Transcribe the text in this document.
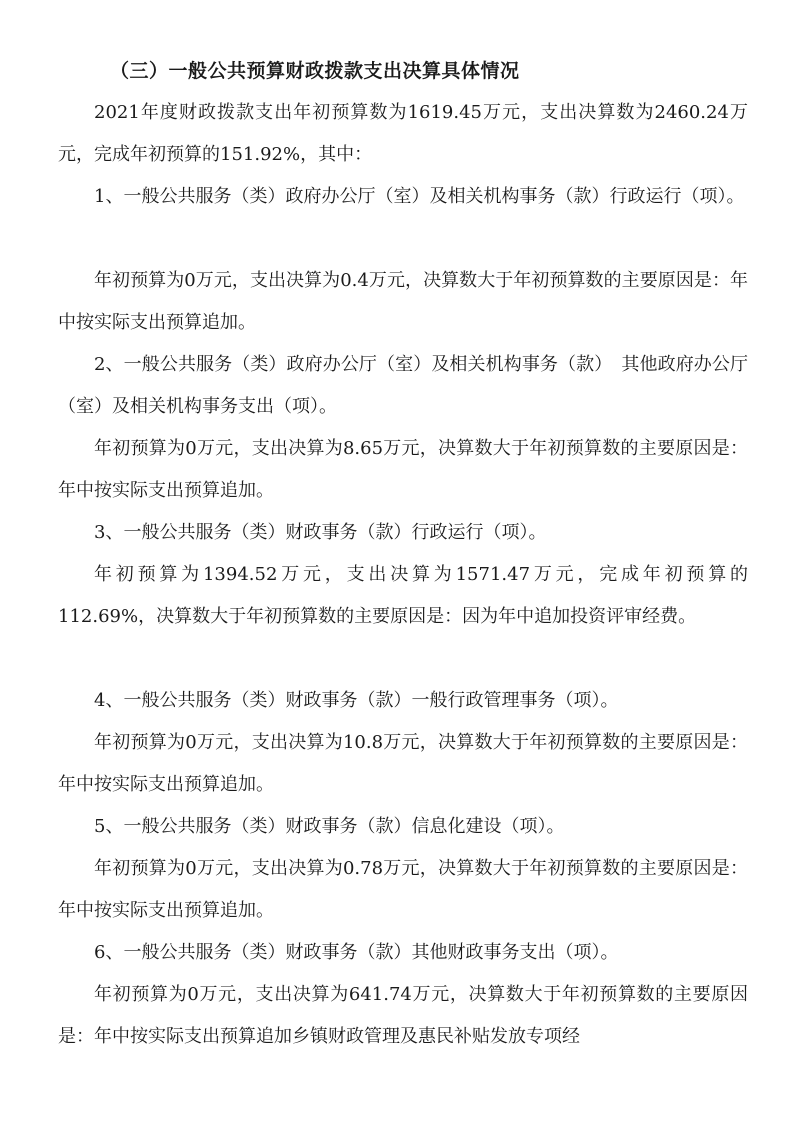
（三）一般公共预算财政拨款支出决算具体情况
2021年度财政拨款支出年初预算数为1619.45万元，支出决算数为2460.24万元，完成年初预算的151.92%，其中：
1、一般公共服务（类）政府办公厅（室）及相关机构事务（款）行政运行（项）。
年初预算为0万元，支出决算为0.4万元，决算数大于年初预算数的主要原因是：年中按实际支出预算追加。
2、一般公共服务（类）政府办公厅（室）及相关机构事务（款）　其他政府办公厅（室）及相关机构事务支出（项）。
年初预算为0万元，支出决算为8.65万元，决算数大于年初预算数的主要原因是：年中按实际支出预算追加。
3、一般公共服务（类）财政事务（款）行政运行（项）。
年初预算为1394.52万元，支出决算为1571.47万元，完成年初预算的112.69%，决算数大于年初预算数的主要原因是：因为年中追加投资评审经费。
4、一般公共服务（类）财政事务（款）一般行政管理事务（项）。
年初预算为0万元，支出决算为10.8万元，决算数大于年初预算数的主要原因是：年中按实际支出预算追加。
5、一般公共服务（类）财政事务（款）信息化建设（项）。
年初预算为0万元，支出决算为0.78万元，决算数大于年初预算数的主要原因是：年中按实际支出预算追加。
6、一般公共服务（类）财政事务（款）其他财政事务支出（项）。
年初预算为0万元，支出决算为641.74万元，决算数大于年初预算数的主要原因是：年中按实际支出预算追加乡镇财政管理及惠民补贴发放专项经
